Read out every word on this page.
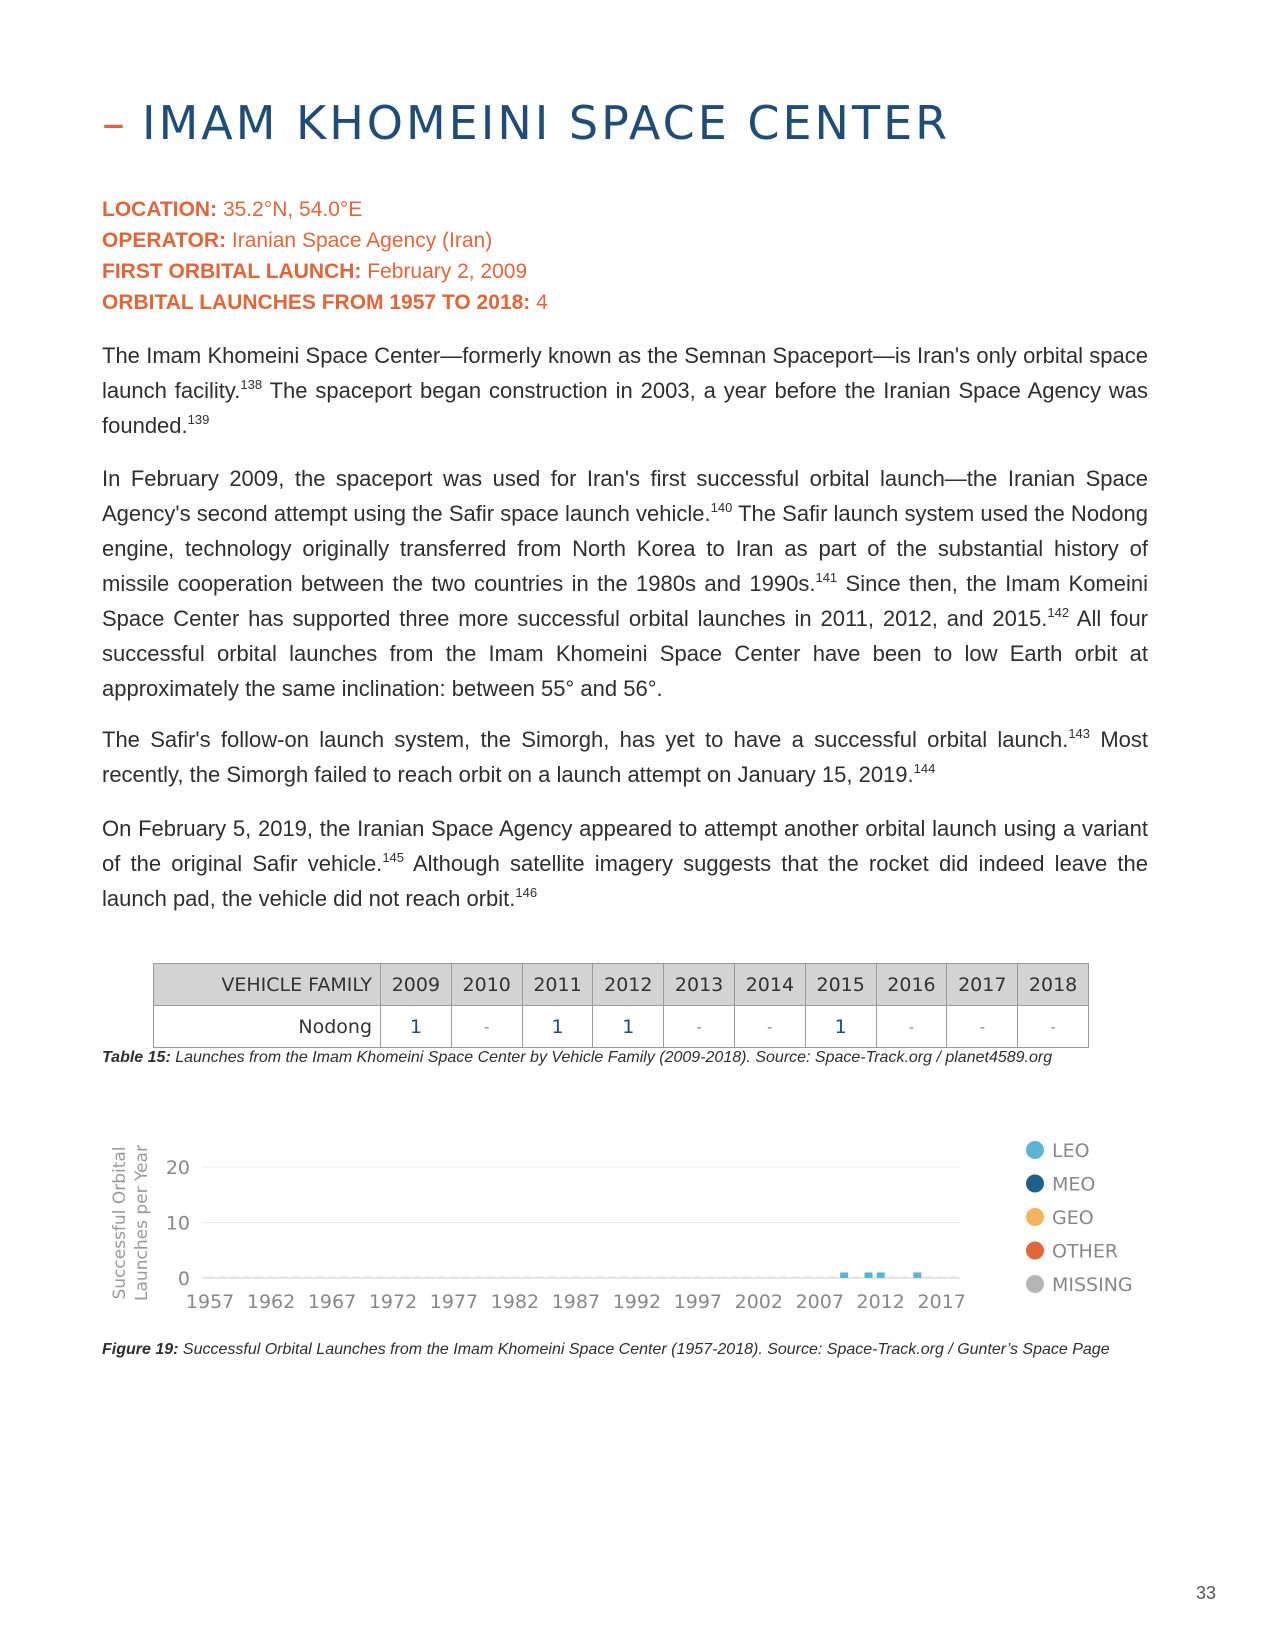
– IMAM KHOMEINI SPACE CENTER
LOCATION: 35.2°N, 54.0°E
OPERATOR: Iranian Space Agency (Iran)
FIRST ORBITAL LAUNCH: February 2, 2009
ORBITAL LAUNCHES FROM 1957 TO 2018: 4

The Imam Khomeini Space Center—formerly known as the Semnan Spaceport—is Iran's only orbital space launch facility.$^{138}$ The spaceport began construction in 2003, a year before the Iranian Space Agency was founded.$^{139}$

In February 2009, the spaceport was used for Iran's first successful orbital launch—the Iranian Space Agency's second attempt using the Safir space launch vehicle.$^{140}$ The Safir launch system used the Nodong engine, technology originally transferred from North Korea to Iran as part of the substantial history of missile cooperation between the two countries in the 1980s and 1990s.$^{141}$ Since then, the Imam Komeini Space Center has supported three more successful orbital launches in 2011, 2012, and 2015.$^{142}$ All four successful orbital launches from the Imam Khomeini Space Center have been to low Earth orbit at approximately the same inclination: between 55° and 56°.

The Safir's follow-on launch system, the Simorgh, has yet to have a successful orbital launch.$^{143}$ Most recently, the Simorgh failed to reach orbit on a launch attempt on January 15, 2019.$^{144}$

On February 5, 2019, the Iranian Space Agency appeared to attempt another orbital launch using a variant of the original Safir vehicle.$^{145}$ Although satellite imagery suggests that the rocket did indeed leave the launch pad, the vehicle did not reach orbit.$^{146}$

VEHICLE FAMILY	2009	2010	2011	2012	2013	2014	2015	2016	2017	2018
Nodong	1	-	1	1	-	-	1	-	-	-
Table 15: Launches from the Imam Khomeini Space Center by Vehicle Family (2009-2018). Source: Space-Track.org / planet4589.org
0
10
20
1957 1962 1967 1972 1977 1982 1987 1992 1997 2002 2007 2012 2017
Successful Orbital Launches per Year	LEO
MEO
GEO
OTHER
MISSING
Figure 19: Successful Orbital Launches from the Imam Khomeini Space Center (1957-2018). Source: Space-Track.org / Gunter’s Space Page
33
